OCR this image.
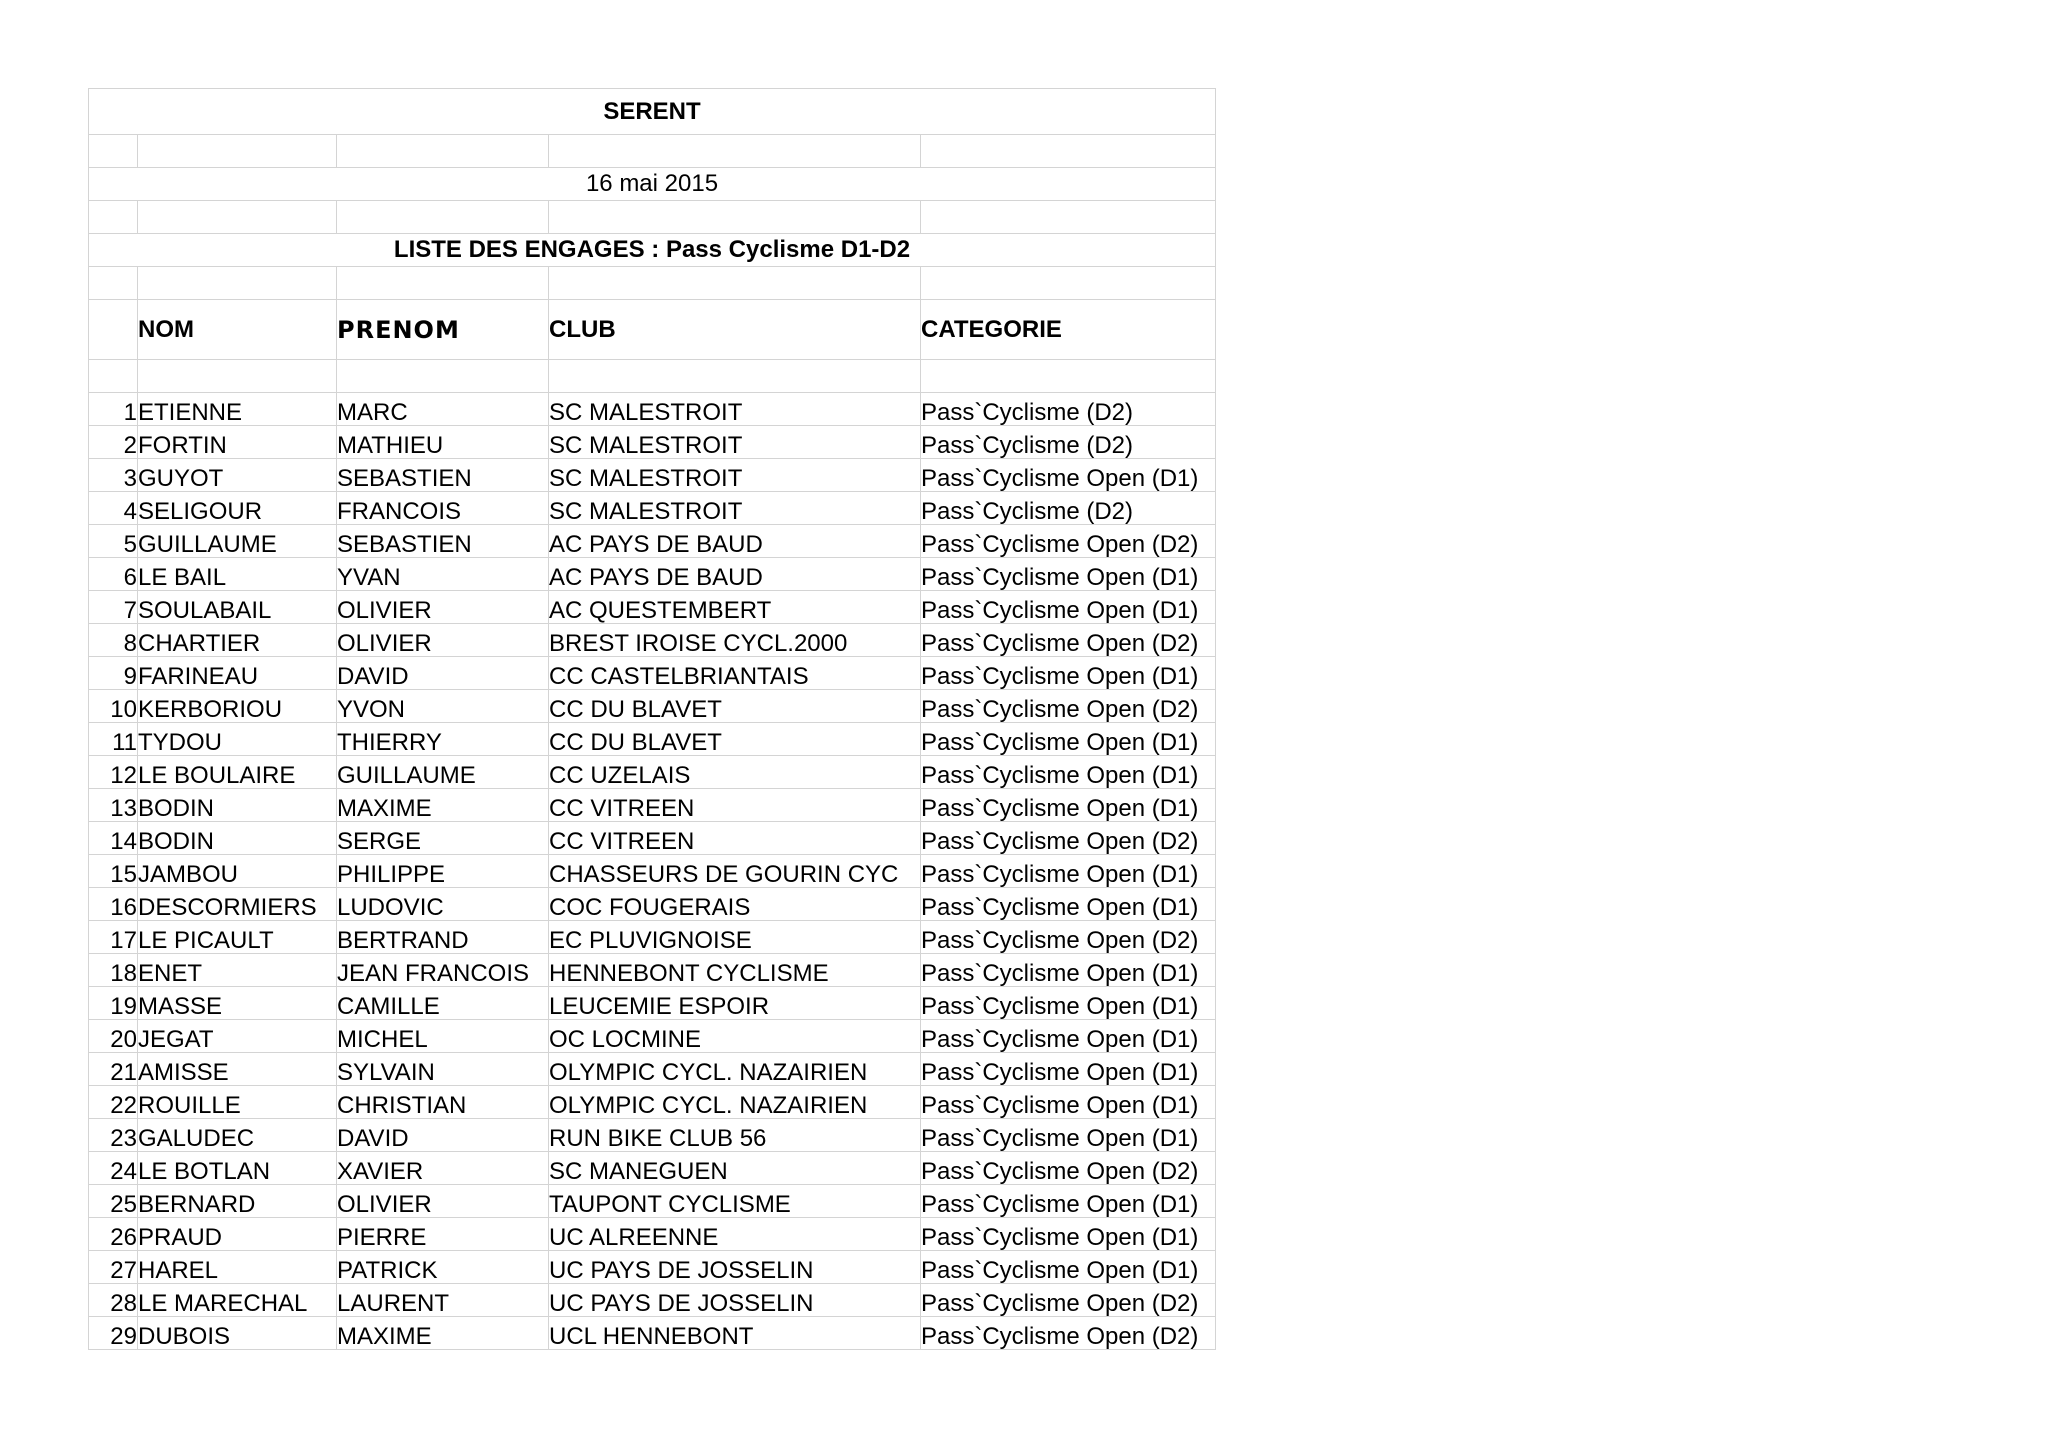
SERENT				

16 mai 2015				

LISTE DES ENGAGES : Pass Cyclisme D1-D2				

	NOM	PRENOM	CLUB	CATEGORIE

1	ETIENNE	MARC	SC MALESTROIT	Pass`Cyclisme (D2)
2	FORTIN	MATHIEU	SC MALESTROIT	Pass`Cyclisme (D2)
3	GUYOT	SEBASTIEN	SC MALESTROIT	Pass`Cyclisme Open (D1)
4	SELIGOUR	FRANCOIS	SC MALESTROIT	Pass`Cyclisme (D2)
5	GUILLAUME	SEBASTIEN	AC PAYS DE BAUD	Pass`Cyclisme Open (D2)
6	LE BAIL	YVAN	AC PAYS DE BAUD	Pass`Cyclisme Open (D1)
7	SOULABAIL	OLIVIER	AC QUESTEMBERT	Pass`Cyclisme Open (D1)
8	CHARTIER	OLIVIER	BREST IROISE CYCL.2000	Pass`Cyclisme Open (D2)
9	FARINEAU	DAVID	CC CASTELBRIANTAIS	Pass`Cyclisme Open (D1)
10	KERBORIOU	YVON	CC DU BLAVET	Pass`Cyclisme Open (D2)
11	TYDOU	THIERRY	CC DU BLAVET	Pass`Cyclisme Open (D1)
12	LE BOULAIRE	GUILLAUME	CC UZELAIS	Pass`Cyclisme Open (D1)
13	BODIN	MAXIME	CC VITREEN	Pass`Cyclisme Open (D1)
14	BODIN	SERGE	CC VITREEN	Pass`Cyclisme Open (D2)
15	JAMBOU	PHILIPPE	CHASSEURS DE GOURIN CYC	Pass`Cyclisme Open (D1)
16	DESCORMIERS	LUDOVIC	COC FOUGERAIS	Pass`Cyclisme Open (D1)
17	LE PICAULT	BERTRAND	EC PLUVIGNOISE	Pass`Cyclisme Open (D2)
18	ENET	JEAN FRANCOIS	HENNEBONT CYCLISME	Pass`Cyclisme Open (D1)
19	MASSE	CAMILLE	LEUCEMIE ESPOIR	Pass`Cyclisme Open (D1)
20	JEGAT	MICHEL	OC LOCMINE	Pass`Cyclisme Open (D1)
21	AMISSE	SYLVAIN	OLYMPIC CYCL. NAZAIRIEN	Pass`Cyclisme Open (D1)
22	ROUILLE	CHRISTIAN	OLYMPIC CYCL. NAZAIRIEN	Pass`Cyclisme Open (D1)
23	GALUDEC	DAVID	RUN BIKE CLUB 56	Pass`Cyclisme Open (D1)
24	LE BOTLAN	XAVIER	SC MANEGUEN	Pass`Cyclisme Open (D2)
25	BERNARD	OLIVIER	TAUPONT CYCLISME	Pass`Cyclisme Open (D1)
26	PRAUD	PIERRE	UC ALREENNE	Pass`Cyclisme Open (D1)
27	HAREL	PATRICK	UC PAYS DE JOSSELIN	Pass`Cyclisme Open (D1)
28	LE MARECHAL	LAURENT	UC PAYS DE JOSSELIN	Pass`Cyclisme Open (D2)
29	DUBOIS	MAXIME	UCL HENNEBONT	Pass`Cyclisme Open (D2)
